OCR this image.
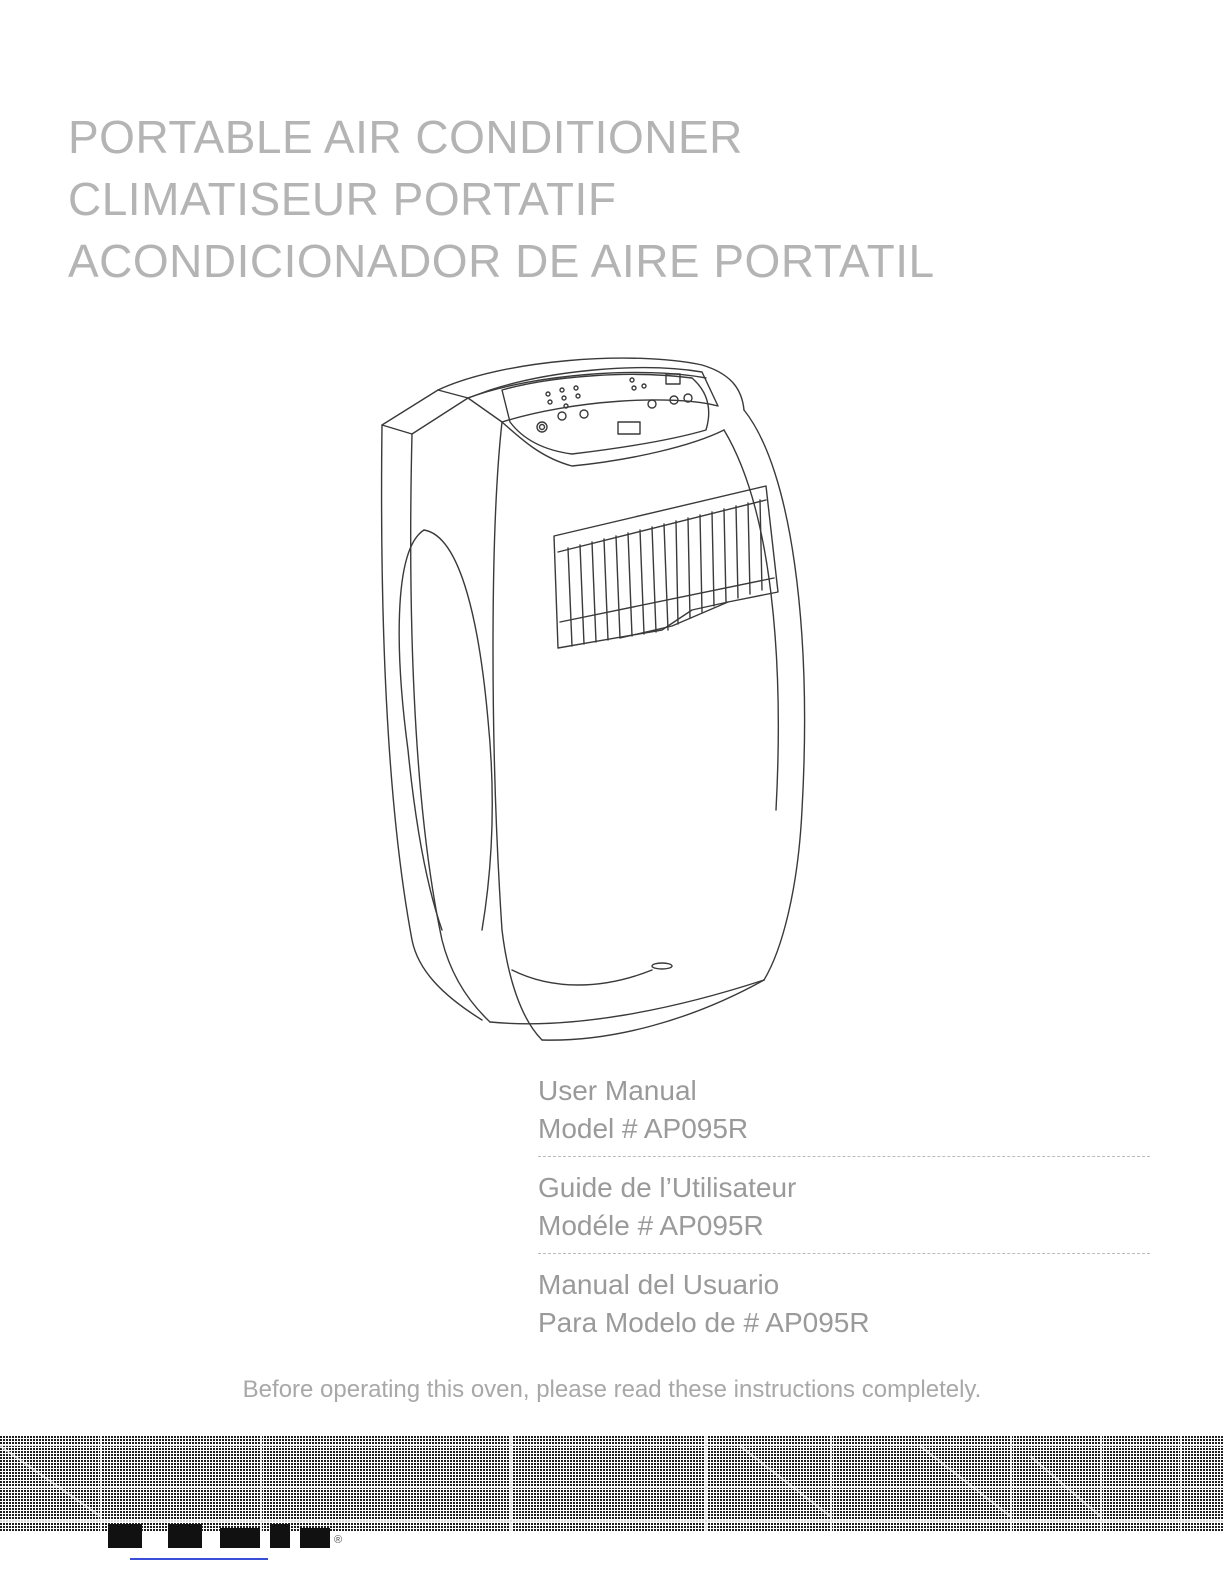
PORTABLE AIR CONDITIONER
CLIMATISEUR PORTATIF
ACONDICIONADOR DE AIRE PORTATIL
User Manual
Model # AP095R
Guide de l’Utilisateur
Modéle # AP095R
Manual del Usuario
Para Modelo de # AP095R
Before operating this oven, please read these instructions completely.
®
